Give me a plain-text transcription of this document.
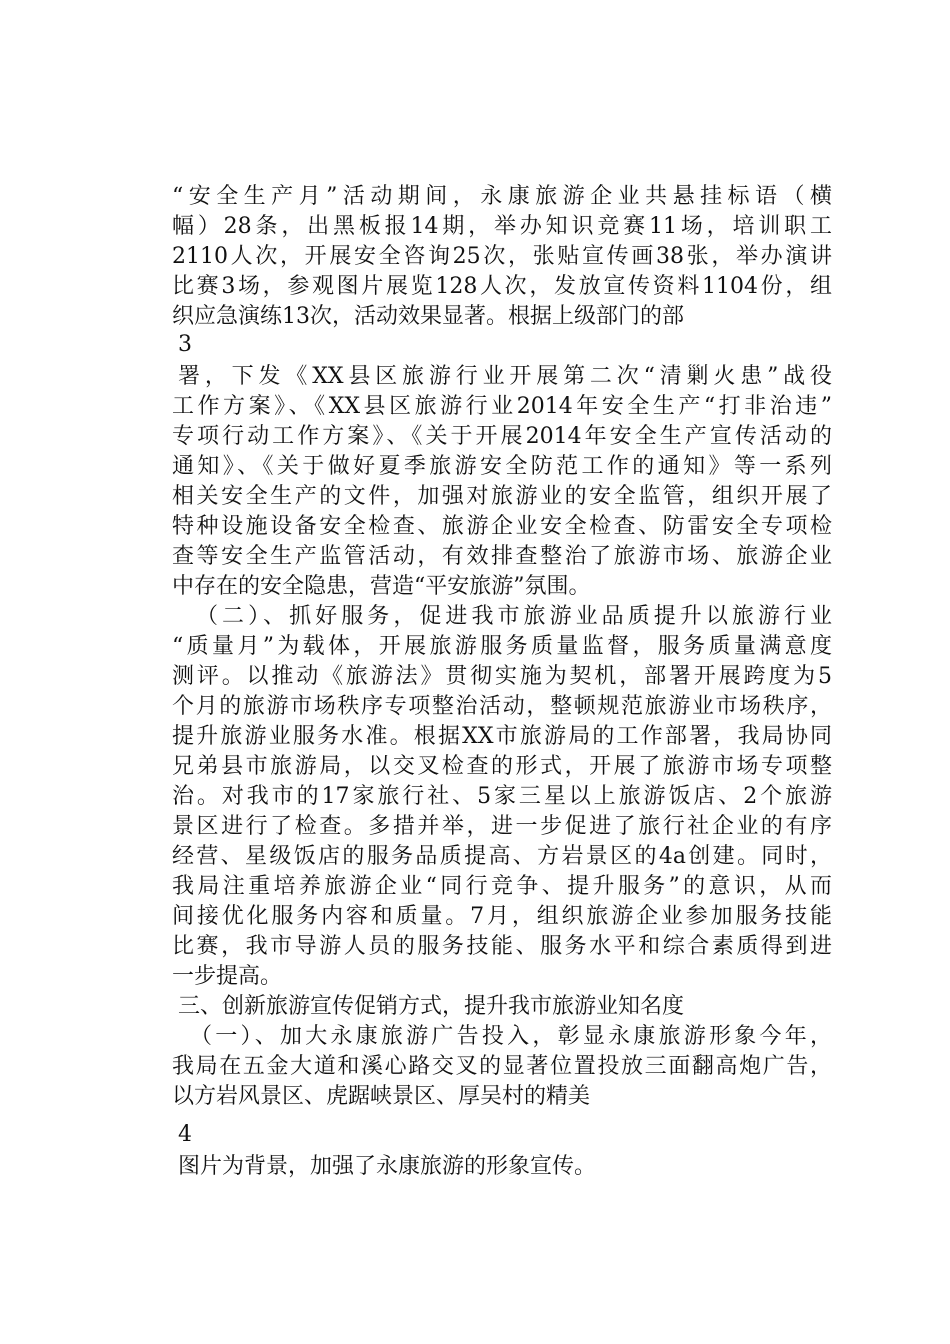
“安全生产月”活动期间，永康旅游企业共悬挂标语（横
幅）28条，出黑板报14期，举办知识竞赛11场，培训职工
2110人次，开展安全咨询25次，张贴宣传画38张，举办演讲
比赛3场，参观图片展览128人次，发放宣传资料1104份，组
织应急演练13次，活动效果显著。根据上级部门的部
3
署，下发《XX县区旅游行业开展第二次“清剿火患”战役
工作方案》、《XX县区旅游行业2014年安全生产“打非治违”
专项行动工作方案》、《关于开展2014年安全生产宣传活动的
通知》、《关于做好夏季旅游安全防范工作的通知》等一系列
相关安全生产的文件，加强对旅游业的安全监管，组织开展了
特种设施设备安全检查、旅游企业安全检查、防雷安全专项检
查等安全生产监管活动，有效排查整治了旅游市场、旅游企业
中存在的安全隐患，营造“平安旅游”氛围。
（二）、抓好服务，促进我市旅游业品质提升以旅游行业
“质量月”为载体，开展旅游服务质量监督，服务质量满意度
测评。以推动《旅游法》贯彻实施为契机，部署开展跨度为5
个月的旅游市场秩序专项整治活动，整顿规范旅游业市场秩序，
提升旅游业服务水准。根据XX市旅游局的工作部署，我局协同
兄弟县市旅游局，以交叉检查的形式，开展了旅游市场专项整
治。对我市的17家旅行社、5家三星以上旅游饭店、2个旅游
景区进行了检查。多措并举，进一步促进了旅行社企业的有序
经营、星级饭店的服务品质提高、方岩景区的4a创建。同时，
我局注重培养旅游企业“同行竞争、提升服务”的意识，从而
间接优化服务内容和质量。7月，组织旅游企业参加服务技能
比赛，我市导游人员的服务技能、服务水平和综合素质得到进
一步提高。
三、创新旅游宣传促销方式，提升我市旅游业知名度
（一）、加大永康旅游广告投入，彰显永康旅游形象今年，
我局在五金大道和溪心路交叉的显著位置投放三面翻高炮广告，
以方岩风景区、虎踞峡景区、厚吴村的精美
4
图片为背景，加强了永康旅游的形象宣传。
